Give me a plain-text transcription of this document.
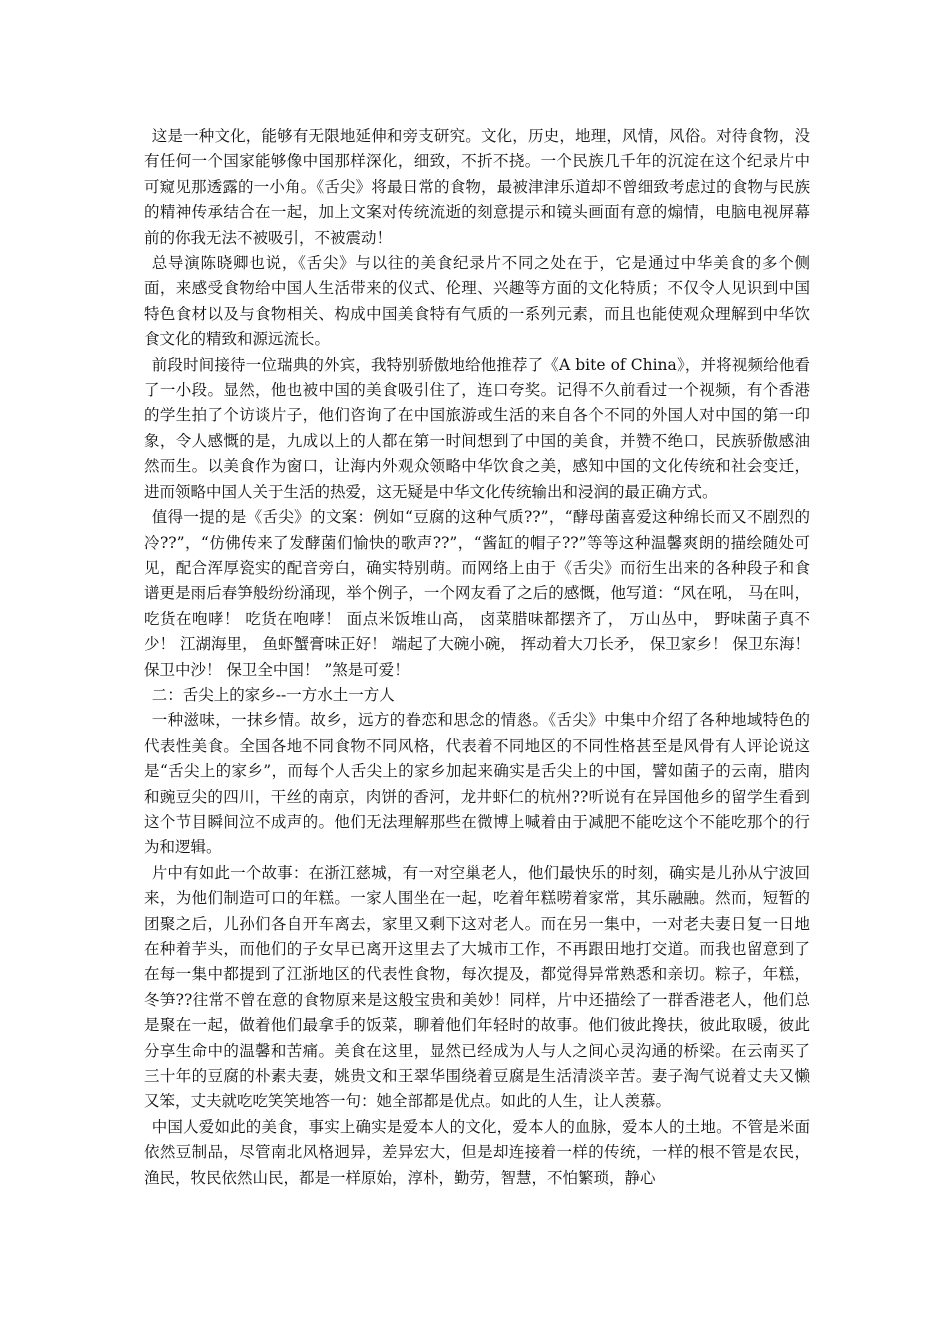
这是一种文化，能够有无限地延伸和旁支研究。文化，历史，地理，风情，风俗。对待食物，没有任何一个国家能够像中国那样深化，细致，不折不挠。一个民族几千年的沉淀在这个纪录片中可窥见那透露的一小角。《舌尖》将最日常的食物，最被津津乐道却不曾细致考虑过的食物与民族的精神传承结合在一起，加上文案对传统流逝的刻意提示和镜头画面有意的煽情，电脑电视屏幕前的你我无法不被吸引，不被震动！

总导演陈晓卿也说，《舌尖》与以往的美食纪录片不同之处在于，它是通过中华美食的多个侧面，来感受食物给中国人生活带来的仪式、伦理、兴趣等方面的文化特质；不仅令人见识到中国特色食材以及与食物相关、构成中国美食特有气质的一系列元素，而且也能使观众理解到中华饮食文化的精致和源远流长。

前段时间接待一位瑞典的外宾，我特别骄傲地给他推荐了《A bite of China》，并将视频给他看了一小段。显然，他也被中国的美食吸引住了，连口夸奖。记得不久前看过一个视频，有个香港的学生拍了个访谈片子，他们咨询了在中国旅游或生活的来自各个不同的外国人对中国的第一印象，令人感慨的是，九成以上的人都在第一时间想到了中国的美食，并赞不绝口，民族骄傲感油然而生。以美食作为窗口，让海内外观众领略中华饮食之美，感知中国的文化传统和社会变迁，进而领略中国人关于生活的热爱，这无疑是中华文化传统输出和浸润的最正确方式。

值得一提的是《舌尖》的文案：例如“豆腐的这种气质??”，“酵母菌喜爱这种绵长而又不剧烈的冷??”，“仿佛传来了发酵菌们愉快的歌声??”，“酱缸的帽子??”等等这种温馨爽朗的描绘随处可见，配合浑厚瓷实的配音旁白，确实特别萌。而网络上由于《舌尖》而衍生出来的各种段子和食谱更是雨后春笋般纷纷涌现，举个例子，一个网友看了之后的感慨，他写道：“风在吼， 马在叫， 吃货在咆哮！ 吃货在咆哮！ 面点米饭堆山高， 卤菜腊味都摆齐了， 万山丛中， 野味菌子真不少！ 江湖海里， 鱼虾蟹膏味正好！ 端起了大碗小碗， 挥动着大刀长矛， 保卫家乡！ 保卫东海！ 保卫中沙！ 保卫全中国！ ”煞是可爱！

二：舌尖上的家乡--一方水土一方人

一种滋味，一抹乡情。故乡，远方的眷恋和思念的情㥕。《舌尖》中集中介绍了各种地域特色的代表性美食。全国各地不同食物不同风格，代表着不同地区的不同性格甚至是风骨有人评论说这是“舌尖上的家乡”，而每个人舌尖上的家乡加起来确实是舌尖上的中国，譬如菌子的云南，腊肉和豌豆尖的四川，干丝的南京，肉饼的香河，龙井虾仁的杭州??听说有在异国他乡的留学生看到这个节目瞬间泣不成声的。他们无法理解那些在微博上喊着由于减肥不能吃这个不能吃那个的行为和逻辑。

片中有如此一个故事：在浙江慈城，有一对空巢老人，他们最快乐的时刻，确实是儿孙从宁波回来，为他们制造可口的年糕。一家人围坐在一起，吃着年糕唠着家常，其乐融融。然而，短暂的团聚之后，儿孙们各自开车离去，家里又剩下这对老人。而在另一集中，一对老夫妻日复一日地在种着芋头，而他们的子女早已离开这里去了大城市工作，不再跟田地打交道。而我也留意到了在每一集中都提到了江浙地区的代表性食物，每次提及，都觉得异常熟悉和亲切。粽子，年糕，冬笋??往常不曾在意的食物原来是这般宝贵和美妙！同样，片中还描绘了一群香港老人，他们总是聚在一起，做着他们最拿手的饭菜，聊着他们年轻时的故事。他们彼此搀扶，彼此取暖，彼此分享生命中的温馨和苦痛。美食在这里，显然已经成为人与人之间心灵沟通的桥梁。在云南买了三十年的豆腐的朴素夫妻，姚贵文和王翠华围绕着豆腐是生活清淡辛苦。妻子淘气说着丈夫又懒又笨，丈夫就吃吃笑笑地答一句：她全部都是优点。如此的人生，让人羡慕。

中国人爱如此的美食，事实上确实是爱本人的文化，爱本人的血脉，爱本人的土地。不管是米面依然豆制品，尽管南北风格迥异，差异宏大，但是却连接着一样的传统，一样的根不管是农民，渔民，牧民依然山民，都是一样原始，淳朴，勤劳，智慧，不怕繁琐，静心
